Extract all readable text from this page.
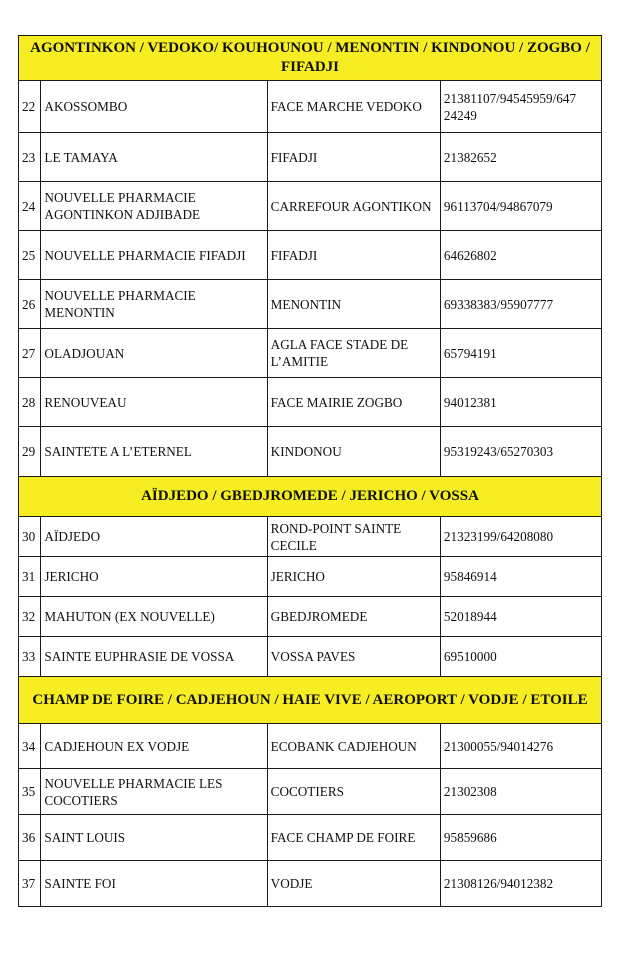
AGONTINKON / VEDOKO/ KOUHOUNOU / MENONTIN / KINDONOU / ZOGBO / FIFADJI			
22	AKOSSOMBO	FACE MARCHE VEDOKO	21381107/94545959/647 24249
23	LE TAMAYA	FIFADJI	21382652
24	NOUVELLE PHARMACIE AGONTINKON ADJIBADE	CARREFOUR AGONTIKON	96113704/94867079
25	NOUVELLE PHARMACIE FIFADJI	FIFADJI	64626802
26	NOUVELLE PHARMACIE MENONTIN	MENONTIN	69338383/95907777
27	OLADJOUAN	AGLA FACE STADE DE L’AMITIE	65794191
28	RENOUVEAU	FACE MAIRIE ZOGBO	94012381
29	SAINTETE A L’ETERNEL	KINDONOU	95319243/65270303
AÏDJEDO / GBEDJROMEDE / JERICHO / VOSSA			
30	AÏDJEDO	ROND-POINT SAINTE CECILE	21323199/64208080
31	JERICHO	JERICHO	95846914
32	MAHUTON (EX NOUVELLE)	GBEDJROMEDE	52018944
33	SAINTE EUPHRASIE DE VOSSA	VOSSA PAVES	69510000
CHAMP DE FOIRE / CADJEHOUN / HAIE VIVE / AEROPORT / VODJE / ETOILE			
34	CADJEHOUN EX VODJE	ECOBANK CADJEHOUN	21300055/94014276
35	NOUVELLE PHARMACIE LES COCOTIERS	COCOTIERS	21302308
36	SAINT LOUIS	FACE CHAMP DE FOIRE	95859686
37	SAINTE FOI	VODJE	21308126/94012382
